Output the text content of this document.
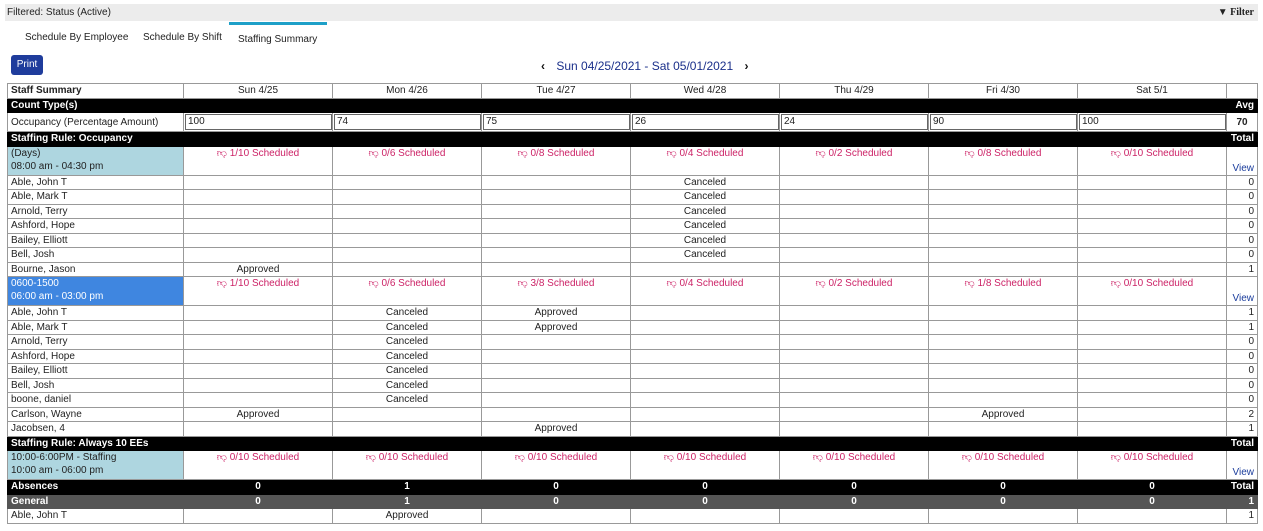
Filtered: Status (Active)	▼ Filter
Schedule By Employee Schedule By Shift	Staffing Summary
Print	‹ Sun 04/25/2021 - Sat 05/01/2021 ›
Staff Summary	Sun 4/25	Mon 4/26	Tue 4/27	Wed 4/28	Thu 4/29	Fri 4/30	Sat 5/1	
Count Type(s)								Avg
Occupancy (Percentage Amount)	100	74	75	26	24	90	100	70
Staffing Rule: Occupancy								Total

(Days)
08:00 am - 04:30 pm	👎︎ 1/10 Scheduled	👎︎ 0/6 Scheduled	👎︎ 0/8 Scheduled	👎︎ 0/4 Scheduled	👎︎ 0/2 Scheduled	👎︎ 0/8 Scheduled	👎︎ 0/10 Scheduled	View
Able, John T				Canceled				0
Able, Mark T				Canceled				0
Arnold, Terry				Canceled				0
Ashford, Hope				Canceled				0
Bailey, Elliott				Canceled				0
Bell, Josh				Canceled				0
Bourne, Jason	Approved							1

0600-1500
06:00 am - 03:00 pm	👎︎ 1/10 Scheduled	👎︎ 0/6 Scheduled	👎︎ 3/8 Scheduled	👎︎ 0/4 Scheduled	👎︎ 0/2 Scheduled	👎︎ 1/8 Scheduled	👎︎ 0/10 Scheduled	View
Able, John T		Canceled	Approved					1
Able, Mark T		Canceled	Approved					1
Arnold, Terry		Canceled						0
Ashford, Hope		Canceled						0
Bailey, Elliott		Canceled						0
Bell, Josh		Canceled						0
boone, daniel		Canceled						0
Carlson, Wayne	Approved					Approved		2
Jacobsen, 4			Approved					1
Staffing Rule: Always 10 EEs								Total

10:00-6:00PM - Staffing
10:00 am - 06:00 pm	👎︎ 0/10 Scheduled	👎︎ 0/10 Scheduled	👎︎ 0/10 Scheduled	👎︎ 0/10 Scheduled	👎︎ 0/10 Scheduled	👎︎ 0/10 Scheduled	👎︎ 0/10 Scheduled	View
Absences	0	1	0	0	0	0	0	Total
General	0	1	0	0	0	0	0	1
Able, John T		Approved						1
